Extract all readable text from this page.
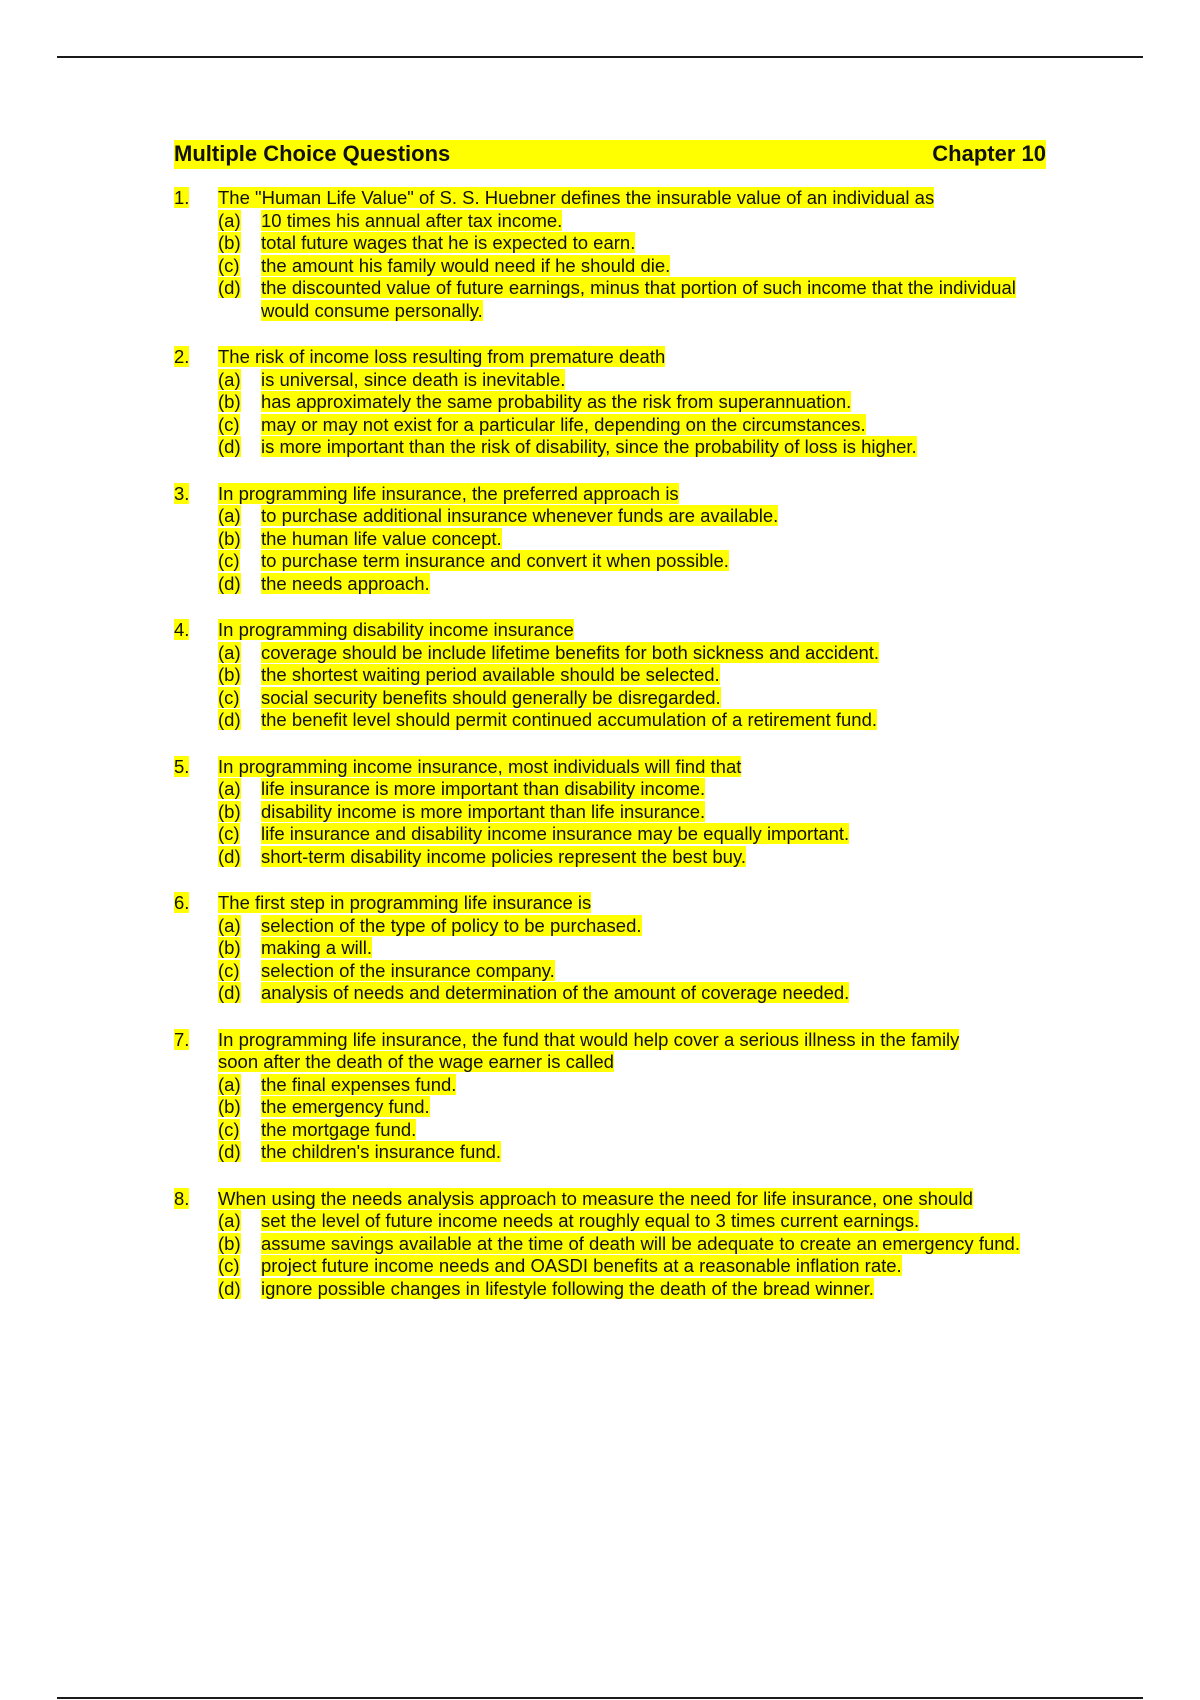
Multiple Choice Questions	Chapter 10
1.	The "Human Life Value" of S. S. Huebner defines the insurable value of an individual as
(a)	10 times his annual after tax income.
(b)	total future wages that he is expected to earn.
(c)	the amount his family would need if he should die.
(d)	the discounted value of future earnings, minus that portion of such income that the individual would consume personally.
2.	The risk of income loss resulting from premature death
(a)	is universal, since death is inevitable.
(b)	has approximately the same probability as the risk from superannuation.
(c)	may or may not exist for a particular life, depending on the circumstances.
(d)	is more important than the risk of disability, since the probability of loss is higher.
3.	In programming life insurance, the preferred approach is
(a)	to purchase additional insurance whenever funds are available.
(b)	the human life value concept.
(c)	to purchase term insurance and convert it when possible.
(d)	the needs approach.
4.	In programming disability income insurance
(a)	coverage should be include lifetime benefits for both sickness and accident.
(b)	the shortest waiting period available should be selected.
(c)	social security benefits should generally be disregarded.
(d)	the benefit level should permit continued accumulation of a retirement fund.
5.	In programming income insurance, most individuals will find that
(a)	life insurance is more important than disability income.
(b)	disability income is more important than life insurance.
(c)	life insurance and disability income insurance may be equally important.
(d)	short-term disability income policies represent the best buy.
6.	The first step in programming life insurance is
(a)	selection of the type of policy to be purchased.
(b)	making a will.
(c)	selection of the insurance company.
(d)	analysis of needs and determination of the amount of coverage needed.
7.	In programming life insurance, the fund that would help cover a serious illness in the family soon after the death of the wage earner is called
(a)	the final expenses fund.
(b)	the emergency fund.
(c)	the mortgage fund.
(d)	the children's insurance fund.
8.	When using the needs analysis approach to measure the need for life insurance, one should
(a)	set the level of future income needs at roughly equal to 3 times current earnings.
(b)	assume savings available at the time of death will be adequate to create an emergency fund.
(c)	project future income needs and OASDI benefits at a reasonable inflation rate.
(d)	ignore possible changes in lifestyle following the death of the bread winner.
